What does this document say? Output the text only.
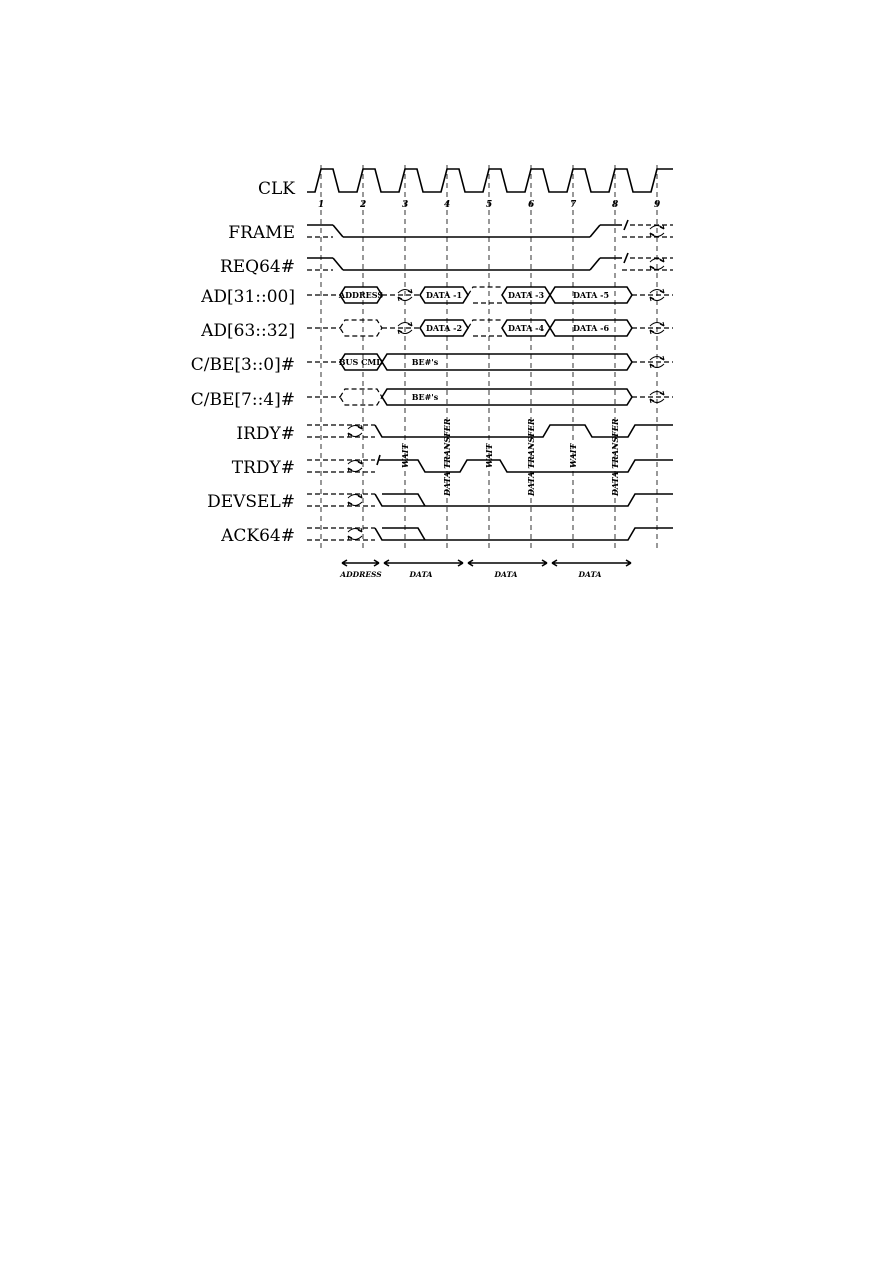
1	2	3	4	5	6	7	8	9
CLK
FRAME
REQ64#
AD[31::00]
AD[63::32]
C/BE[3::0]#
C/BE[7::4]#
IRDY#
TRDY#
DEVSEL#
ACK64#
ADDRESS	DATA -1	DATA -3	DATA -5
DATA -2	DATA -4	DATA -6
BUS CMD	BE#'s
BE#'s
WAIT	WAIT	WAIT
DATA TRANSFER	DATA TRANSFER	DATA TRANSFER
ADDRESS	DATA	DATA	DATA
